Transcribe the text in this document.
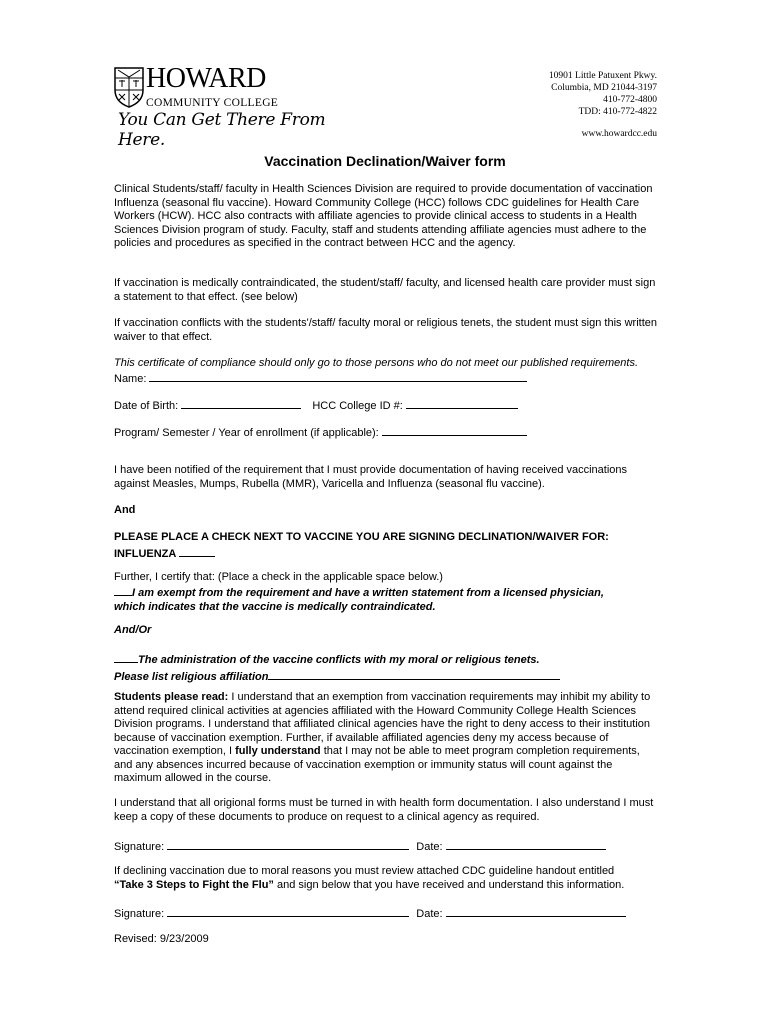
HOWARD
COMMUNITY COLLEGE
You Can Get There From Here.
10901 Little Patuxent Pkwy.
Columbia, MD 21044-3197
410-772-4800
TDD: 410-772-4822
www.howardcc.edu
Vaccination Declination/Waiver form

Clinical Students/staff/ faculty in Health Sciences Division are required to provide documentation of vaccination Influenza (seasonal flu vaccine). Howard Community College (HCC) follows CDC guidelines for Health Care Workers (HCW). HCC also contracts with affiliate agencies to provide clinical access to students in a Health Sciences Division program of study. Faculty, staff and students attending affiliate agencies must adhere to the policies and procedures as specified in the contract between HCC and the agency.

If vaccination is medically contraindicated, the student/staff/ faculty, and licensed health care provider must sign a statement to that effect. (see below)

If vaccination conflicts with the students'/staff/ faculty moral or religious tenets, the student must sign this written waiver to that effect.

This certificate of compliance should only go to those persons who do not meet our published requirements.

Name:
Date of Birth:	HCC College ID #:
Program/ Semester / Year of enrollment (if applicable):

I have been notified of the requirement that I must provide documentation of having received vaccinations against Measles, Mumps, Rubella (MMR), Varicella and Influenza (seasonal flu vaccine).

And

PLEASE PLACE A CHECK NEXT TO VACCINE YOU ARE SIGNING DECLINATION/WAIVER FOR:

INFLUENZA

Further, I certify that: (Place a check in the applicable space below.)

I am exempt from the requirement and have a written statement from a licensed physician,
which indicates that the vaccine is medically contraindicated.

And/Or

The administration of the vaccine conflicts with my moral or religious tenets.
Please list religious affiliation

Students please read: I understand that an exemption from vaccination requirements may inhibit my ability to attend required clinical activities at agencies affiliated with the Howard Community College Health Sciences Division programs. I understand that affiliated clinical agencies have the right to deny access to their institution because of vaccination exemption. Further, if available affiliated agencies deny my access because of vaccination exemption, I fully understand that I may not be able to meet program completion requirements, and any absences incurred because of vaccination exemption or immunity status will count against the maximum allowed in the course.

I understand that all origional forms must be turned in with health form documentation. I also understand I must keep a copy of these documents to produce on request to a clinical agency as required.

Signature:	Date:

If declining vaccination due to moral reasons you must review attached CDC guideline handout entitled
“Take 3 Steps to Fight the Flu” and sign below that you have received and understand this information.

Signature:	Date:

Revised: 9/23/2009
